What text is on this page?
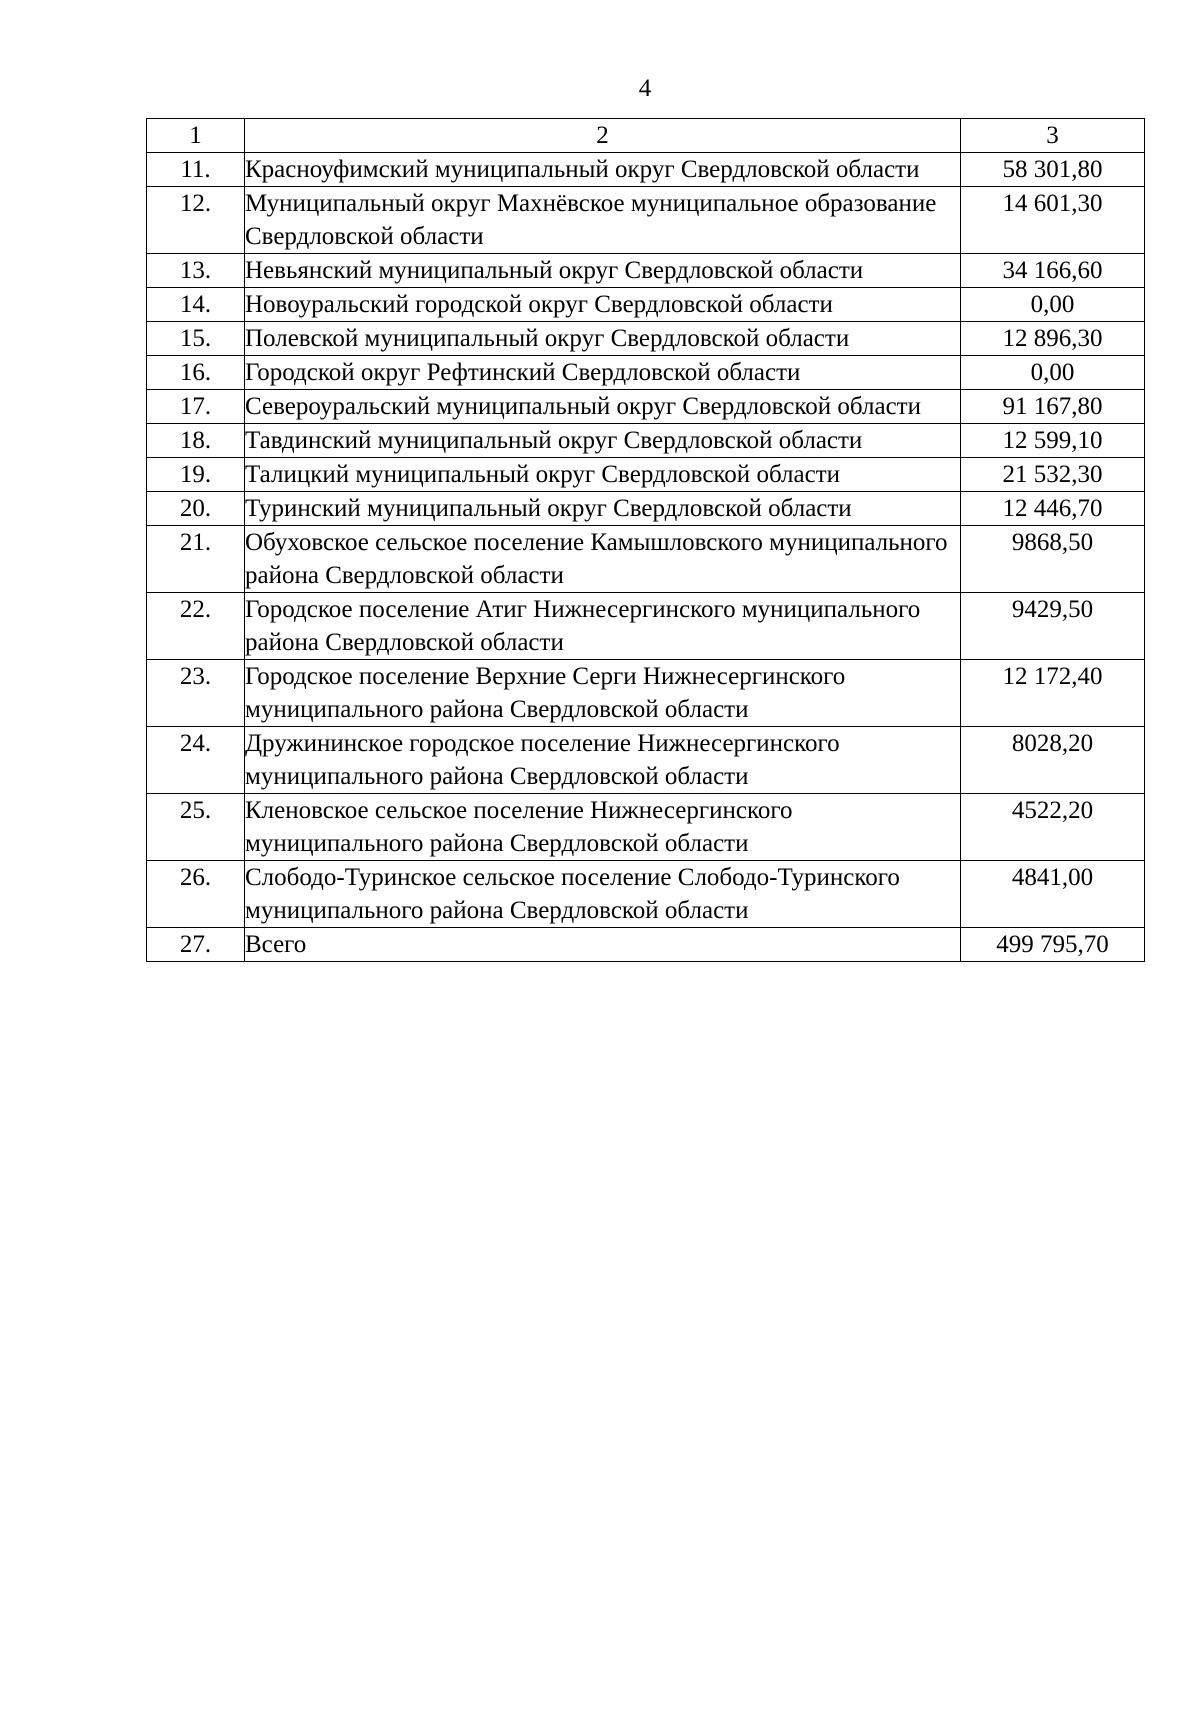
4
1	2	3
11.	Красноуфимский муниципальный округ Свердловской области	58 301,80
12.	Муниципальный округ Махнёвское муниципальное образование Свердловской области	14 601,30
13.	Невьянский муниципальный округ Свердловской области	34 166,60
14.	Новоуральский городской округ Свердловской области	0,00
15.	Полевской муниципальный округ Свердловской области	12 896,30
16.	Городской округ Рефтинский Свердловской области	0,00
17.	Североуральский муниципальный округ Свердловской области	91 167,80
18.	Тавдинский муниципальный округ Свердловской области	12 599,10
19.	Талицкий муниципальный округ Свердловской области	21 532,30
20.	Туринский муниципальный округ Свердловской области	12 446,70
21.	Обуховское сельское поселение Камышловского муниципального района Свердловской области	9868,50
22.	Городское поселение Атиг Нижнесергинского муниципального района Свердловской области	9429,50
23.	Городское поселение Верхние Серги Нижнесергинского муниципального района Свердловской области	12 172,40
24.	Дружининское городское поселение Нижнесергинского муниципального района Свердловской области	8028,20
25.	Кленовское сельское поселение Нижнесергинского муниципального района Свердловской области	4522,20
26.	Слободо-Туринское сельское поселение Слободо-Туринского муниципального района Свердловской области	4841,00
27.	Всего	499 795,70
